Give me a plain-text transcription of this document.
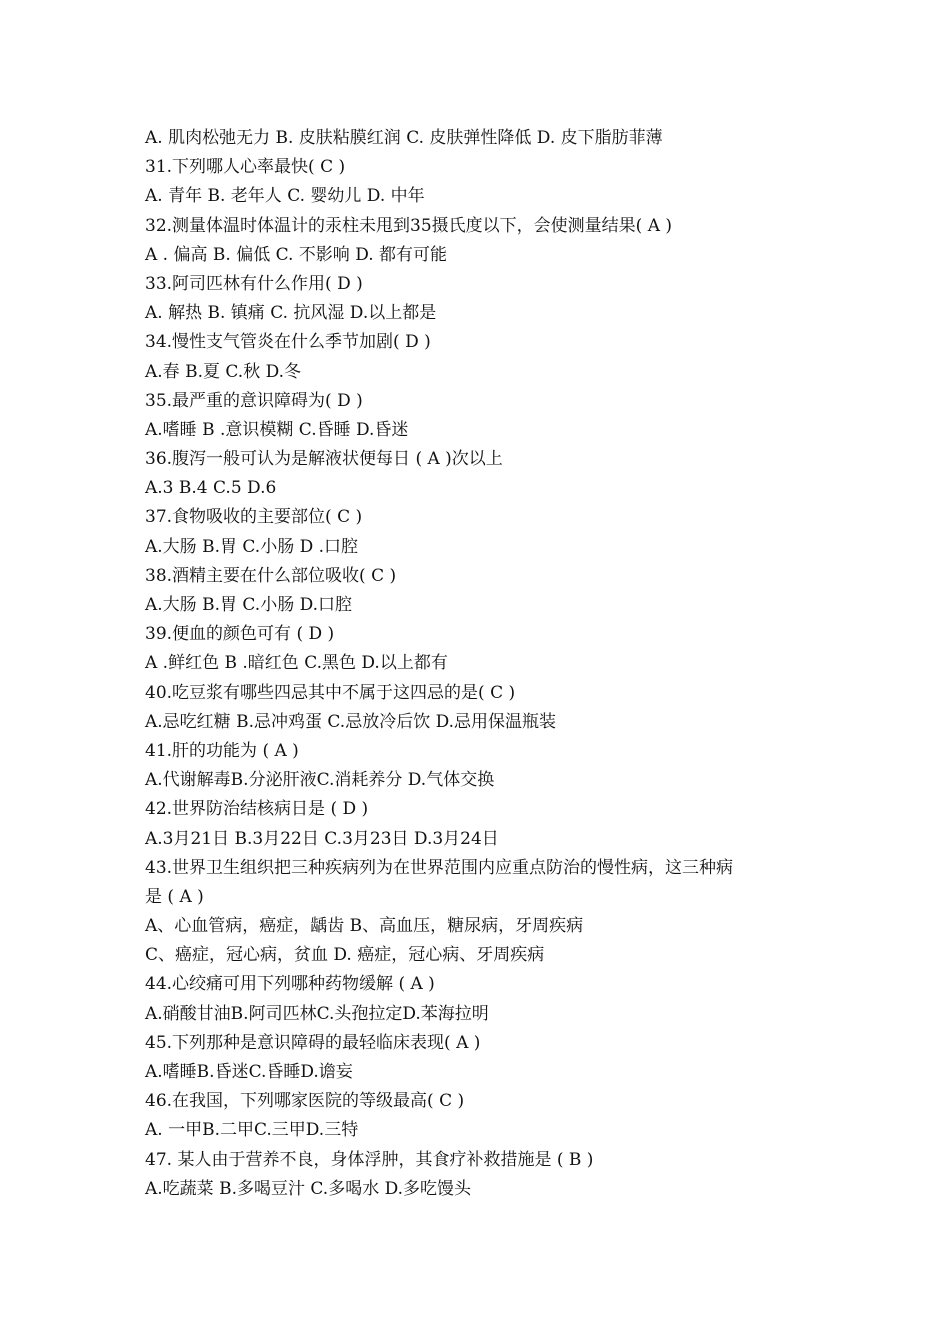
A. 肌肉松弛无力 B. 皮肤粘膜红润 C. 皮肤弹性降低 D. 皮下脂肪菲薄
31.下列哪人心率最快( C )
A. 青年 B. 老年人 C. 婴幼儿 D. 中年
32.测量体温时体温计的汞柱未甩到35摄氏度以下，会使测量结果( A )
A . 偏高 B. 偏低 C. 不影响 D. 都有可能
33.阿司匹林有什么作用( D )
A. 解热 B. 镇痛 C. 抗风湿 D.以上都是
34.慢性支气管炎在什么季节加剧( D )
A.春 B.夏 C.秋 D.冬
35.最严重的意识障碍为( D )
A.嗜睡 B .意识模糊 C.昏睡 D.昏迷
36.腹泻一般可认为是解液状便每日 ( A )次以上
A.3 B.4 C.5 D.6
37.食物吸收的主要部位( C )
A.大肠 B.胃 C.小肠 D .口腔
38.酒精主要在什么部位吸收( C )
A.大肠 B.胃 C.小肠 D.口腔
39.便血的颜色可有 ( D )
A .鲜红色 B .暗红色 C.黑色 D.以上都有
40.吃豆浆有哪些四忌其中不属于这四忌的是( C )
A.忌吃红糖 B.忌冲鸡蛋 C.忌放冷后饮 D.忌用保温瓶装
41.肝的功能为 ( A )
A.代谢解毒B.分泌肝液C.消耗养分 D.气体交换
42.世界防治结核病日是 ( D )
A.3月21日 B.3月22日 C.3月23日 D.3月24日
43.世界卫生组织把三种疾病列为在世界范围内应重点防治的慢性病，这三种病
是 ( A )
A、心血管病，癌症，龋齿 B、高血压，糖尿病，牙周疾病
C、癌症，冠心病，贫血 D. 癌症，冠心病、牙周疾病
44.心绞痛可用下列哪种药物缓解 ( A )
A.硝酸甘油B.阿司匹林C.头孢拉定D.苯海拉明
45.下列那种是意识障碍的最轻临床表现( A )
A.嗜睡B.昏迷C.昏睡D.谵妄
46.在我国，下列哪家医院的等级最高( C )
A. 一甲B.二甲C.三甲D.三特
47. 某人由于营养不良，身体浮肿，其食疗补救措施是 ( B )
A.吃蔬菜 B.多喝豆汁 C.多喝水 D.多吃馒头
